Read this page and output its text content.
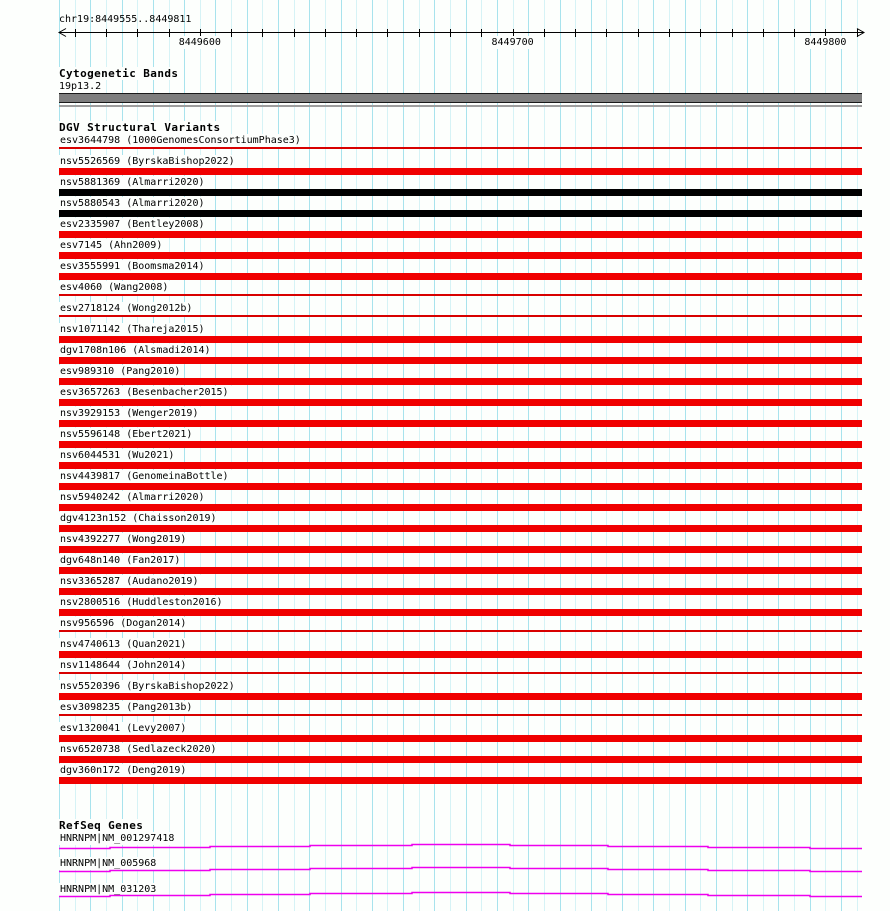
chr19:8449555..8449811
8449600	8449700	8449800
Cytogenetic Bands
19p13.2
DGV Structural Variants
esv3644798 (1000GenomesConsortiumPhase3)
nsv5526569 (ByrskaBishop2022)
nsv5881369 (Almarri2020)
nsv5880543 (Almarri2020)
esv2335907 (Bentley2008)
esv7145 (Ahn2009)
esv3555991 (Boomsma2014)
esv4060 (Wang2008)
esv2718124 (Wong2012b)
nsv1071142 (Thareja2015)
dgv1708n106 (Alsmadi2014)
esv989310 (Pang2010)
esv3657263 (Besenbacher2015)
nsv3929153 (Wenger2019)
nsv5596148 (Ebert2021)
nsv6044531 (Wu2021)
nsv4439817 (GenomeinaBottle)
nsv5940242 (Almarri2020)
dgv4123n152 (Chaisson2019)
nsv4392277 (Wong2019)
dgv648n140 (Fan2017)
nsv3365287 (Audano2019)
nsv2800516 (Huddleston2016)
nsv956596 (Dogan2014)
nsv4740613 (Quan2021)
nsv1148644 (John2014)
nsv5520396 (ByrskaBishop2022)
esv3098235 (Pang2013b)
esv1320041 (Levy2007)
nsv6520738 (Sedlazeck2020)
dgv360n172 (Deng2019)
RefSeq Genes
HNRNPM|NM_001297418
HNRNPM|NM_005968
HNRNPM|NM_031203
